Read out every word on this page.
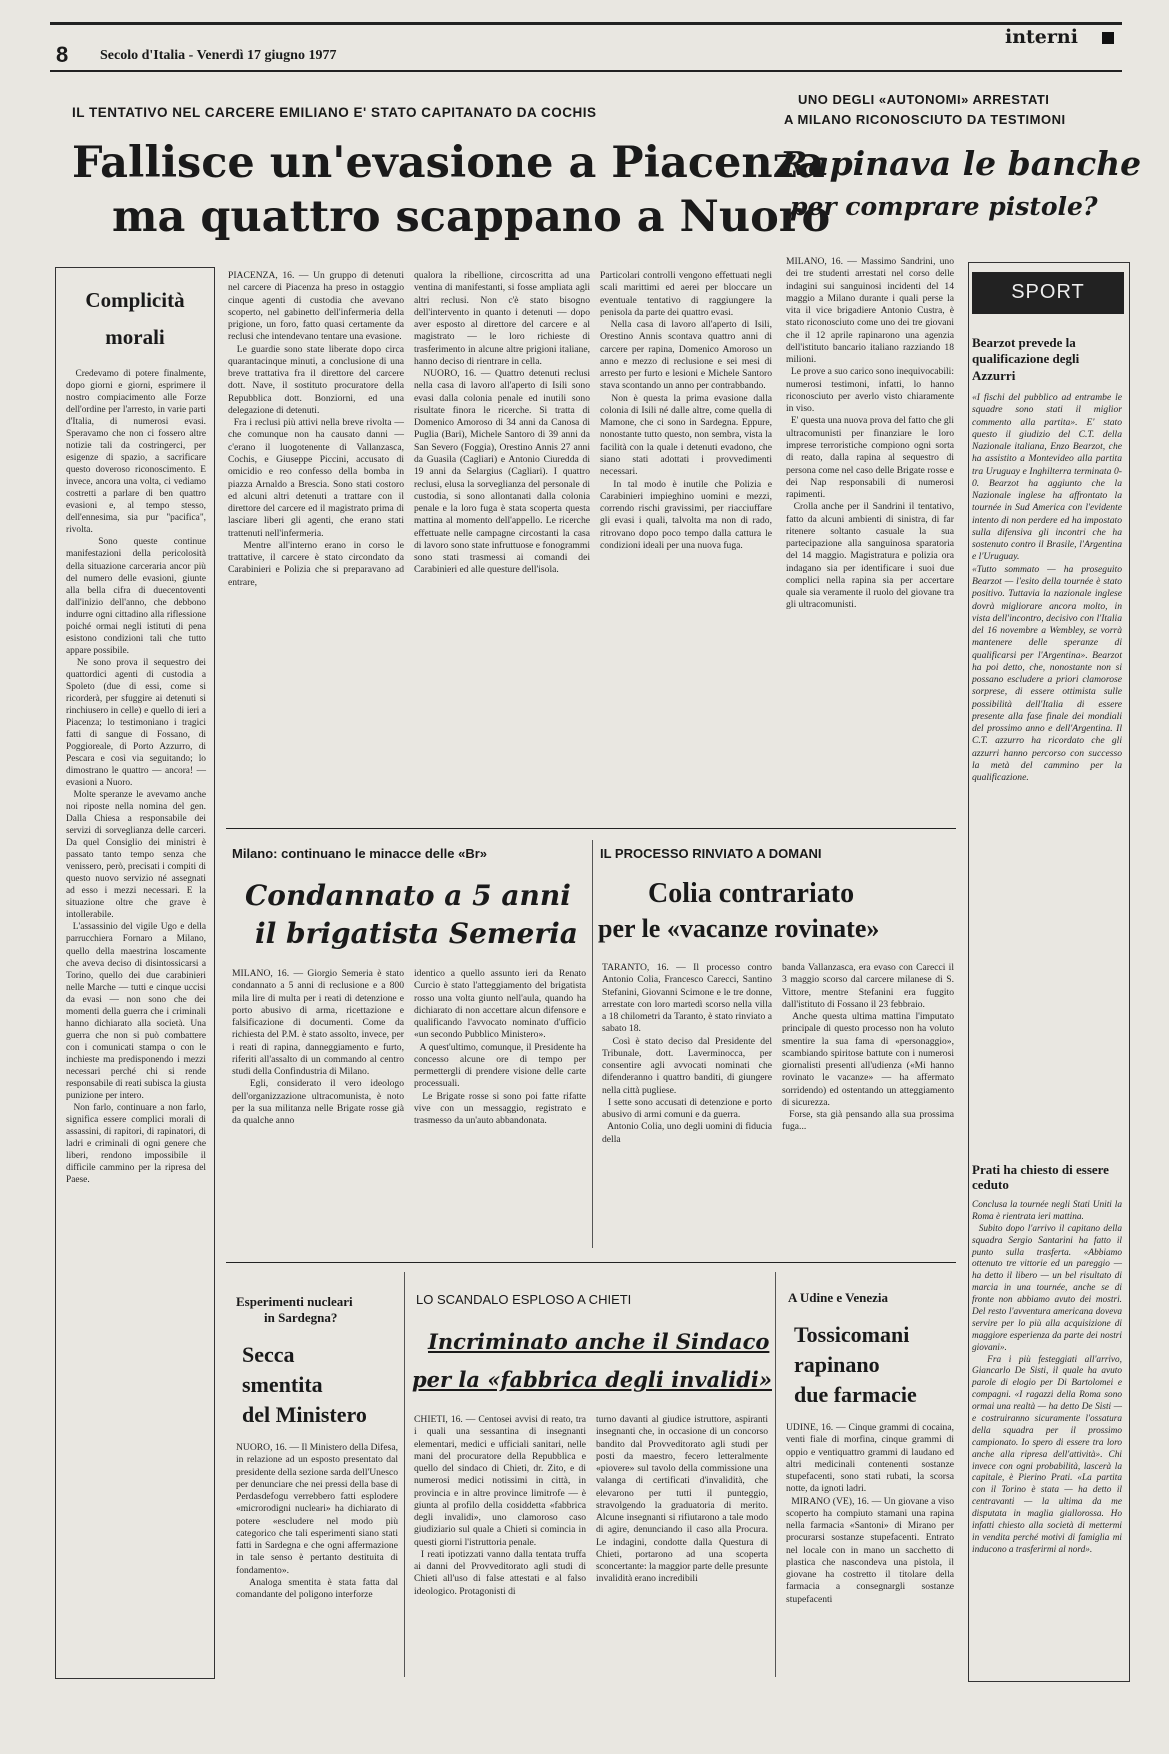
8 Secolo d'Italia - Venerdì 17 giugno 1977
interni
IL TENTATIVO NEL CARCERE EMILIANO E' STATO CAPITANATO DA COCHIS
Fallisce un'evasione a Piacenza
ma quattro scappano a Nuoro
UNO DEGLI «AUTONOMI» ARRESTATI
A MILANO RICONOSCIUTO DA TESTIMONI
Rapinava le banche
per comprare pistole?
Complicità
morali
Credevamo di potere finalmente, dopo giorni e giorni, esprimere il nostro compiacimento alle Forze dell'ordine per l'arresto, in varie parti d'Italia, di numerosi evasi. Speravamo che non ci fossero altre notizie tali da costringerci, per esigenze di spazio, a sacrificare questo doveroso riconoscimento. E invece, ancora una volta, ci vediamo costretti a parlare di ben quattro evasioni e, al tempo stesso, dell'ennesima, sia pur "pacifica", rivolta.
Sono queste continue manifestazioni della pericolosità della situazione carceraria ancor più del numero delle evasioni, giunte alla bella cifra di duecentoventi dall'inizio dell'anno, che debbono indurre ogni cittadino alla riflessione poiché ormai negli istituti di pena esistono condizioni tali che tutto appare possibile.
Ne sono prova il sequestro dei quattordici agenti di custodia a Spoleto (due di essi, come si ricorderà, per sfuggire ai detenuti si rinchiusero in celle) e quello di ieri a Piacenza; lo testimoniano i tragici fatti di sangue di Fossano, di Poggioreale, di Porto Azzurro, di Pescara e così via seguitando; lo dimostrano le quattro — ancora! — evasioni a Nuoro.
Molte speranze le avevamo anche noi riposte nella nomina del gen. Dalla Chiesa a responsabile dei servizi di sorveglianza delle carceri. Da quel Consiglio dei ministri è passato tanto tempo senza che venissero, però, precisati i compiti di questo nuovo servizio né assegnati ad esso i mezzi necessari. E la situazione oltre che grave è intollerabile.
L'assassinio del vigile Ugo e della parrucchiera Fornaro a Milano, quello della maestrina loscamente che aveva deciso di disintossicarsi a Torino, quello dei due carabinieri nelle Marche — tutti e cinque uccisi da evasi — non sono che dei momenti della guerra che i criminali hanno dichiarato alla società. Una guerra che non si può combattere con i comunicati stampa o con le inchieste ma predisponendo i mezzi necessari perché chi si rende responsabile di reati subisca la giusta punizione per intero.
Non farlo, continuare a non farlo, significa essere complici morali di assassini, di rapitori, di rapinatori, di ladri e criminali di ogni genere che liberi, rendono impossibile il difficile cammino per la ripresa del Paese.
PIACENZA, 16. — Un gruppo di detenuti nel carcere di Piacenza ha preso in ostaggio cinque agenti di custodia che avevano scoperto, nel gabinetto dell'infermeria della prigione, un foro, fatto quasi certamente da reclusi che intendevano tentare una evasione.
Le guardie sono state liberate dopo circa quarantacinque minuti, a conclusione di una breve trattativa fra il direttore del carcere dott. Nave, il sostituto procuratore della Repubblica dott. Bonziorni, ed una delegazione di detenuti.
Fra i reclusi più attivi nella breve rivolta — che comunque non ha causato danni — c'erano il luogotenente di Vallanzasca, Cochis, e Giuseppe Piccini, accusato di omicidio e reo confesso della bomba in piazza Arnaldo a Brescia. Sono stati costoro ed alcuni altri detenuti a trattare con il direttore del carcere ed il magistrato prima di lasciare liberi gli agenti, che erano stati trattenuti nell'infermeria.
Mentre all'interno erano in corso le trattative, il carcere è stato circondato da Carabinieri e Polizia che si preparavano ad entrare,
qualora la ribellione, circoscritta ad una ventina di manifestanti, si fosse ampliata agli altri reclusi. Non c'è stato bisogno dell'intervento in quanto i detenuti — dopo aver esposto al direttore del carcere e al magistrato — le loro richieste di trasferimento in alcune altre prigioni italiane, hanno deciso di rientrare in cella.
NUORO, 16. — Quattro detenuti reclusi nella casa di lavoro all'aperto di Isili sono evasi dalla colonia penale ed inutili sono risultate finora le ricerche. Si tratta di Domenico Amoroso di 34 anni da Canosa di Puglia (Bari), Michele Santoro di 39 anni da San Severo (Foggia), Orestino Annis 27 anni da Guasila (Cagliari) e Antonio Ciuredda di 19 anni da Selargius (Cagliari). I quattro reclusi, elusa la sorveglianza del personale di custodia, si sono allontanati dalla colonia penale e la loro fuga è stata scoperta questa mattina al momento dell'appello. Le ricerche effettuate nelle campagne circostanti la casa di lavoro sono state infruttuose e fonogrammi sono stati trasmessi ai comandi dei Carabinieri ed alle questure dell'isola.
Particolari controlli vengono effettuati negli scali marittimi ed aerei per bloccare un eventuale tentativo di raggiungere la penisola da parte dei quattro evasi.
Nella casa di lavoro all'aperto di Isili, Orestino Annis scontava quattro anni di carcere per rapina, Domenico Amoroso un anno e mezzo di reclusione e sei mesi di arresto per furto e lesioni e Michele Santoro stava scontando un anno per contrabbando.
Non è questa la prima evasione dalla colonia di Isili né dalle altre, come quella di Mamone, che ci sono in Sardegna. Eppure, nonostante tutto questo, non sembra, vista la facilità con la quale i detenuti evadono, che siano stati adottati i provvedimenti necessari.
In tal modo è inutile che Polizia e Carabinieri impieghino uomini e mezzi, correndo rischi gravissimi, per riacciuffare gli evasi i quali, talvolta ma non di rado, ritrovano dopo poco tempo dalla cattura le condizioni ideali per una nuova fuga.
MILANO, 16. — Massimo Sandrini, uno dei tre studenti arrestati nel corso delle indagini sui sanguinosi incidenti del 14 maggio a Milano durante i quali perse la vita il vice brigadiere Antonio Custra, è stato riconosciuto come uno dei tre giovani che il 12 aprile rapinarono una agenzia dell'istituto bancario italiano razziando 18 milioni.
Le prove a suo carico sono inequivocabili: numerosi testimoni, infatti, lo hanno riconosciuto per averlo visto chiaramente in viso.
E' questa una nuova prova del fatto che gli ultracomunisti per finanziare le loro imprese terroristiche compiono ogni sorta di reato, dalla rapina al sequestro di persona come nel caso delle Brigate rosse e dei Nap responsabili di numerosi rapimenti.
Crolla anche per il Sandrini il tentativo, fatto da alcuni ambienti di sinistra, di far ritenere soltanto casuale la sua partecipazione alla sanguinosa sparatoria del 14 maggio. Magistratura e polizia ora indagano sia per identificare i suoi due complici nella rapina sia per accertare quale sia veramente il ruolo del giovane tra gli ultracomunisti.
SPORT
Bearzot prevede la qualificazione degli Azzurri
«I fischi del pubblico ad entrambe le squadre sono stati il miglior commento alla partita». E' stato questo il giudizio del C.T. della Nazionale italiana, Enzo Bearzot, che ha assistito a Montevideo alla partita tra Uruguay e Inghilterra terminata 0-0. Bearzot ha aggiunto che la Nazionale inglese ha affrontato la tournée in Sud America con l'evidente intento di non perdere ed ha impostato sulla difensiva gli incontri che ha sostenuto contro il Brasile, l'Argentina e l'Uruguay.
«Tutto sommato — ha proseguito Bearzot — l'esito della tournée è stato positivo. Tuttavia la nazionale inglese dovrà migliorare ancora molto, in vista dell'incontro, decisivo con l'Italia del 16 novembre a Wembley, se vorrà mantenere delle speranze di qualificarsi per l'Argentina». Bearzot ha poi detto, che, nonostante non si possano escludere a priori clamorose sorprese, di essere ottimista sulle possibilità dell'Italia di essere presente alla fase finale dei mondiali del prossimo anno e dell'Argentina. Il C.T. azzurro ha ricordato che gli azzurri hanno percorso con successo la metà del cammino per la qualificazione.
Prati ha chiesto di essere ceduto
Conclusa la tournée negli Stati Uniti la Roma è rientrata ieri mattina.
Subito dopo l'arrivo il capitano della squadra Sergio Santarini ha fatto il punto sulla trasferta. «Abbiamo ottenuto tre vittorie ed un pareggio — ha detto il libero — un bel risultato di marcia in una tournée, anche se di fronte non abbiamo avuto dei mostri. Del resto l'avventura americana doveva servire per lo più alla acquisizione di maggiore esperienza da parte dei nostri giovani».
Fra i più festeggiati all'arrivo, Giancarlo De Sisti, il quale ha avuto parole di elogio per Di Bartolomei e compagni. «I ragazzi della Roma sono ormai una realtà — ha detto De Sisti — e costruiranno sicuramente l'ossatura della squadra per il prossimo campionato. Io spero di essere tra loro anche alla ripresa dell'attività». Chi invece con ogni probabilità, lascerà la capitale, è Pierino Prati. «La partita con il Torino è stata — ha detto il centravanti — la ultima da me disputata in maglia giallorossa. Ho infatti chiesto alla società di mettermi in vendita perché motivi di famiglia mi inducono a trasferirmi al nord».
Milano: continuano le minacce delle «Br»
Condannato a 5 anni
il brigatista Semeria
MILANO, 16. — Giorgio Semeria è stato condannato a 5 anni di reclusione e a 800 mila lire di multa per i reati di detenzione e porto abusivo di arma, ricettazione e falsificazione di documenti. Come da richiesta del P.M. è stato assolto, invece, per i reati di rapina, danneggiamento e furto, riferiti all'assalto di un commando al centro studi della Confindustria di Milano.
Egli, considerato il vero ideologo dell'organizzazione ultracomunista, è noto per la sua militanza nelle Brigate rosse già da qualche anno
identico a quello assunto ieri da Renato Curcio è stato l'atteggiamento del brigatista rosso una volta giunto nell'aula, quando ha dichiarato di non accettare alcun difensore e qualificando l'avvocato nominato d'ufficio «un secondo Pubblico Ministero».
A quest'ultimo, comunque, il Presidente ha concesso alcune ore di tempo per permettergli di prendere visione delle carte processuali.
Le Brigate rosse si sono poi fatte rifatte vive con un messaggio, registrato e trasmesso da un'auto abbandonata.
IL PROCESSO RINVIATO A DOMANI
Colia contrariato
per le «vacanze rovinate»
TARANTO, 16. — Il processo contro Antonio Colia, Francesco Carecci, Santino Stefanini, Giovanni Scimone e le tre donne, arrestate con loro martedì scorso nella villa a 18 chilometri da Taranto, è stato rinviato a sabato 18.
Così è stato deciso dal Presidente del Tribunale, dott. Laverminocca, per consentire agli avvocati nominati che difenderanno i quattro banditi, di giungere nella città pugliese.
I sette sono accusati di detenzione e porto abusivo di armi comuni e da guerra.
Antonio Colia, uno degli uomini di fiducia della
banda Vallanzasca, era evaso con Carecci il 3 maggio scorso dal carcere milanese di S. Vittore, mentre Stefanini era fuggito dall'istituto di Fossano il 23 febbraio.
Anche questa ultima mattina l'imputato principale di questo processo non ha voluto smentire la sua fama di «personaggio», scambiando spiritose battute con i numerosi giornalisti presenti all'udienza («Mi hanno rovinato le vacanze» — ha affermato sorridendo) ed ostentando un atteggiamento di sicurezza.
Forse, sta già pensando alla sua prossima fuga...
Esperimenti nucleari
in Sardegna?
Secca
smentita
del Ministero
NUORO, 16. — Il Ministero della Difesa, in relazione ad un esposto presentato dal presidente della sezione sarda dell'Unesco per denunciare che nei pressi della base di Perdasdefogu verrebbero fatti esplodere «microrodigni nucleari» ha dichiarato di potere «escludere nel modo più categorico che tali esperimenti siano stati fatti in Sardegna e che ogni affermazione in tale senso è pertanto destituita di fondamento».
Analoga smentita è stata fatta dal comandante del poligono interforze
LO SCANDALO ESPLOSO A CHIETI
Incriminato anche il Sindaco
per la «fabbrica degli invalidi»
CHIETI, 16. — Centosei avvisi di reato, tra i quali una sessantina di insegnanti elementari, medici e ufficiali sanitari, nelle mani del procuratore della Repubblica e quello del sindaco di Chieti, dr. Zito, e di numerosi medici notissimi in città, in provincia e in altre province limitrofe — è giunta al profilo della cosiddetta «fabbrica degli invalidi», uno clamoroso caso giudiziario sul quale a Chieti si comincia in questi giorni l'istruttoria penale.
I reati ipotizzati vanno dalla tentata truffa ai danni del Provveditorato agli studi di Chieti all'uso di false attestati e al falso ideologico. Protagonisti di
turno davanti al giudice istruttore, aspiranti insegnanti che, in occasione di un concorso bandito dal Provveditorato agli studi per posti da maestro, fecero letteralmente «piovere» sul tavolo della commissione una valanga di certificati d'invalidità, che elevarono per tutti il punteggio, stravolgendo la graduatoria di merito. Alcune insegnanti si rifiutarono a tale modo di agire, denunciando il caso alla Procura. Le indagini, condotte dalla Questura di Chieti, portarono ad una scoperta sconcertante: la maggior parte delle presunte invalidità erano incredibili
A Udine e Venezia
Tossicomani
rapinano
due farmacie
UDINE, 16. — Cinque grammi di cocaina, venti fiale di morfina, cinque grammi di oppio e ventiquattro grammi di laudano ed altri medicinali contenenti sostanze stupefacenti, sono stati rubati, la scorsa notte, da ignoti ladri.
MIRANO (VE), 16. — Un giovane a viso scoperto ha compiuto stamani una rapina nella farmacia «Santoni» di Mirano per procurarsi sostanze stupefacenti. Entrato nel locale con in mano un sacchetto di plastica che nascondeva una pistola, il giovane ha costretto il titolare della farmacia a consegnargli sostanze stupefacenti
